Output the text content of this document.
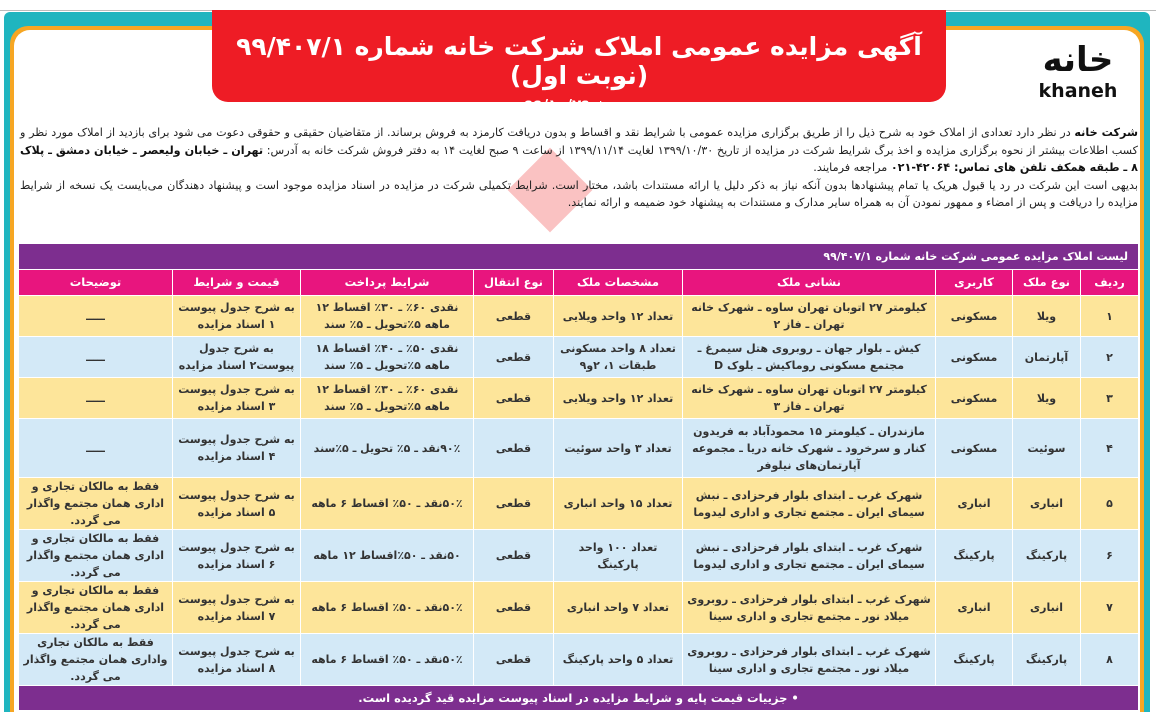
آگهی مزایده عمومی املاک شرکت خانه شماره ۹۹/۴۰۷/۱ (نوبت اول)
مورخ ۹۹/۱۰/۲۹
خانه
khaneh
شرکت خانه در نظر دارد تعدادی از املاک خود به شرح ذیل را از طریق برگزاری مزایده عمومی با شرایط نقد و اقساط و بدون دریافت کارمزد به فروش برساند. از متقاضیان حقیقی و حقوقی دعوت می شود برای بازدید از املاک مورد نظر و کسب اطلاعات بیشتر از نحوه برگزاری مزایده و اخذ برگ شرایط شرکت در مزایده از تاریخ ۱۳۹۹/۱۰/۳۰ لغایت ۱۳۹۹/۱۱/۱۴ از ساعت ۹ صبح لغایت ۱۴ به دفتر فروش شرکت خانه به آدرس: تهران ـ خیابان ولیعصر ـ خیابان دمشق ـ پلاک ۸ ـ طبقه همکف تلفن های تماس: ۴۲۰۶۴-۰۲۱ مراجعه فرمایند.
بدیهی است این شرکت در رد یا قبول هریک یا تمام پیشنهادها بدون آنکه نیاز به ذکر دلیل یا ارائه مستندات باشد، مختار است. شرایط تکمیلی شرکت در مزایده در اسناد مزایده موجود است و پیشنهاد دهندگان می‌بایست یک نسخه از شرایط مزایده را دریافت و پس از امضاء و ممهور نمودن آن به همراه سایر مدارک و مستندات به پیشنهاد خود ضمیمه و ارائه نمایند.
لیست املاک مزایده عمومی شرکت خانه شماره ۹۹/۴۰۷/۱								
ردیف	نوع ملک	کاربری	نشانی ملک	مشخصات ملک	نوع انتقال	شرایط پرداخت	قیمت و شرایط	توضیحات
۱	ویلا	مسکونی	کیلومتر ۲۷ اتوبان تهران ساوه ـ شهرک خانه تهران ـ فاز ۲	تعداد ۱۲ واحد ویلایی	قطعی	نقدی ۶۰٪ ـ ۳۰٪ اقساط ۱۲ ماهه ۵٪تحویل ـ ۵٪ سند	به شرح جدول پیوست ۱ اسناد مزایده	ـــــ
۲	آپارتمان	مسکونی	کیش ـ بلوار جهان ـ روبروی هتل سیمرغ ـ مجتمع مسکونی روماکیش ـ بلوک D	تعداد ۸ واحد مسکونی طبقات ۱، ۲و۹	قطعی	نقدی ۵۰٪ ـ ۴۰٪ اقساط ۱۸ ماهه ۵٪تحویل ـ ۵٪ سند	به شرح جدول پیوست۲ اسناد مزایده	ـــــ
۳	ویلا	مسکونی	کیلومتر ۲۷ اتوبان تهران ساوه ـ شهرک خانه تهران ـ فاز ۳	تعداد ۱۲ واحد ویلایی	قطعی	نقدی ۶۰٪ ـ ۳۰٪ اقساط ۱۲ ماهه ۵٪تحویل ـ ۵٪ سند	به شرح جدول پیوست ۳ اسناد مزایده	ـــــ
۴	سوئیت	مسکونی	مازندران ـ کیلومتر ۱۵ محمودآباد به فریدون کنار و سرخرود ـ شهرک خانه دریا ـ مجموعه آپارتمان‌های نیلوفر	تعداد ۳ واحد سوئیت	قطعی	۹۰٪نقد ـ ۵٪ تحویل ـ ۵٪سند	به شرح جدول پیوست ۴ اسناد مزایده	ـــــ
۵	انباری	انباری	شهرک غرب ـ ابتدای بلوار فرحزادی ـ نبش سیمای ایران ـ مجتمع تجاری و اداری لیدوما	تعداد ۱۵ واحد انباری	قطعی	۵۰٪نقد ـ ۵۰٪ اقساط ۶ ماهه	به شرح جدول پیوست ۵ اسناد مزایده	فقط به مالکان تجاری و اداری همان مجتمع واگذار می گردد.
۶	پارکینگ	پارکینگ	شهرک غرب ـ ابتدای بلوار فرحزادی ـ نبش سیمای ایران ـ مجتمع تجاری و اداری لیدوما	تعداد ۱۰۰ واحد پارکینگ	قطعی	۵۰نقد ـ ۵۰٪اقساط ۱۲ ماهه	به شرح جدول پیوست ۶ اسناد مزایده	فقط به مالکان تجاری و اداری همان مجتمع واگذار می گردد.
۷	انباری	انباری	شهرک غرب ـ ابتدای بلوار فرحزادی ـ روبروی میلاد نور ـ مجتمع تجاری و اداری سینا	تعداد ۷ واحد انباری	قطعی	۵۰٪نقد ـ ۵۰٪ اقساط ۶ ماهه	به شرح جدول پیوست ۷ اسناد مزایده	فقط به مالکان تجاری و اداری همان مجتمع واگذار می گردد.
۸	پارکینگ	پارکینگ	شهرک غرب ـ ابتدای بلوار فرحزادی ـ روبروی میلاد نور ـ مجتمع تجاری و اداری سینا	تعداد ۵ واحد پارکینگ	قطعی	۵۰٪نقد ـ ۵۰٪ اقساط ۶ ماهه	به شرح جدول پیوست ۸ اسناد مزایده	فقط به مالکان تجاری واداری همان مجتمع واگذار می گردد.
• جزییات قیمت پایه و شرایط مزایده در اسناد پیوست مزایده قید گردیده است.								
